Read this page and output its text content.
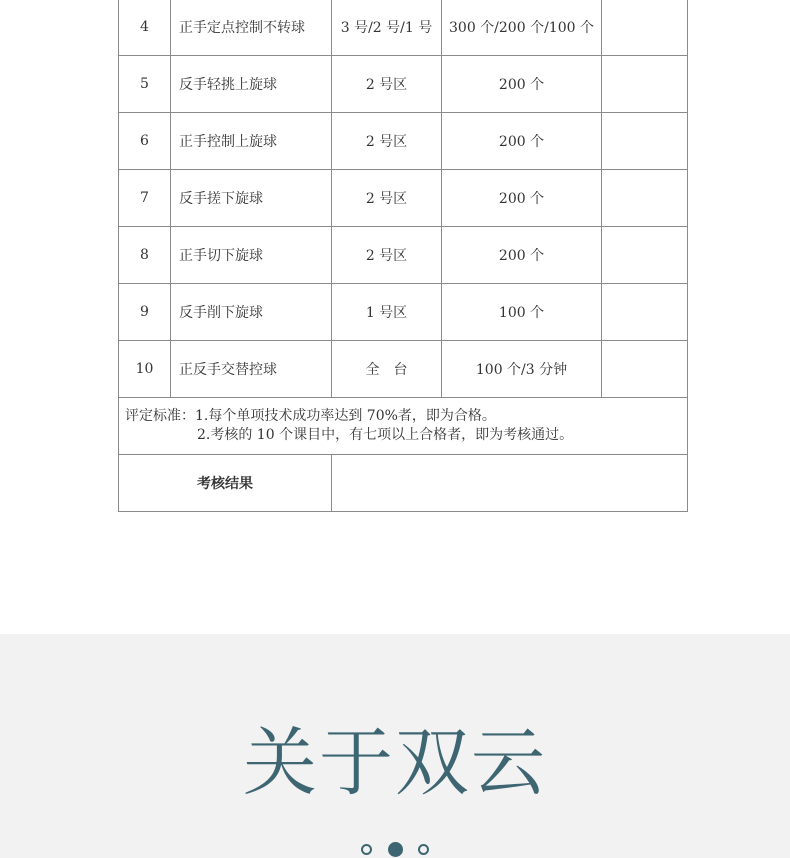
4	正手定点控制不转球	3 号/2 号/1 号	300 个/200 个/100 个	
5	反手轻挑上旋球	2 号区	200 个	
6	正手控制上旋球	2 号区	200 个	
7	反手搓下旋球	2 号区	200 个	
8	正手切下旋球	2 号区	200 个	
9	反手削下旋球	1 号区	100 个	
10	正反手交替控球	全　台	100 个/3 分钟	

评定标准：1.每个单项技术成功率达到 70%者，即为合格。
2.考核的 10 个课目中，有七项以上合格者，即为考核通过。				

考核结果				
关于双云
